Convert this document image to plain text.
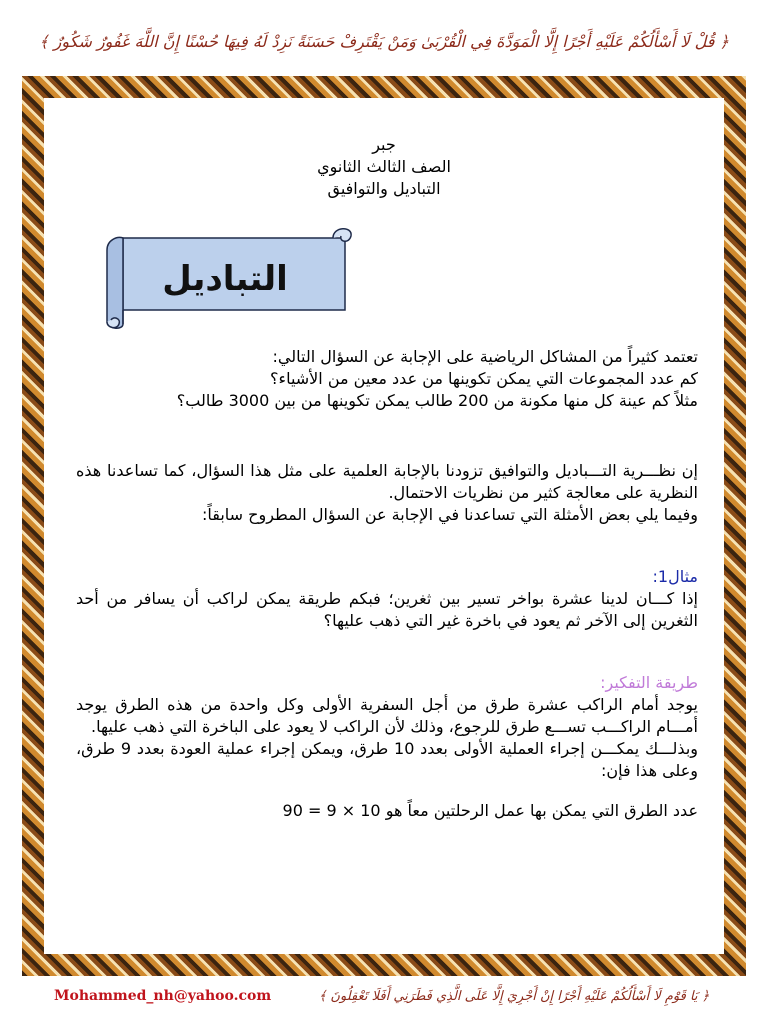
﴿ قُلْ لَا أَسْأَلُكُمْ عَلَيْهِ أَجْرًا إِلَّا الْمَوَدَّةَ فِي الْقُرْبَىٰ وَمَنْ يَقْتَرِفْ حَسَنَةً نَزِدْ لَهُ فِيهَا حُسْنًا إِنَّ اللَّهَ غَفُورٌ شَكُورٌ ﴾
جبر
الصف الثالث الثانوي
التباديل والتوافيق
التباديل

تعتمد كثيراً من المشاكل الرياضية على الإجابة عن السؤال التالي:

كم عدد المجموعات التي يمكن تكوينها من عدد معين من الأشياء؟

مثلاً كم عينة كل منها مكونة من 200 طالب يمكن تكوينها من بين 3000 طالب؟

إن نظـــرية التـــباديل والتوافيق تزودنا بالإجابة العلمية على مثل هذا السؤال، كما تساعدنا هذه النظرية على معالجة كثير من نظريات الاحتمال.

وفيما يلي بعض الأمثلة التي تساعدنا في الإجابة عن السؤال المطروح سابقاً:

مثال1:

إذا كـــان لدينا عشرة بواخر تسير بين ثغرين؛ فبكم طريقة يمكن لراكب أن يسافر من أحد الثغرين إلى الآخر ثم يعود في باخرة غير التي ذهب عليها؟

طريقة التفكير:

يوجد أمام الراكب عشرة طرق من أجل السفرية الأولى وكل واحدة من هذه الطرق يوجد أمـــام الراكـــب تســـع طرق للرجوع، وذلك لأن الراكب لا يعود على الباخرة التي ذهب عليها.

وبذلـــك يمكـــن إجراء العملية الأولى بعدد 10 طرق، ويمكن إجراء عملية العودة بعدد 9 طرق، وعلى هذا فإن:

عدد الطرق التي يمكن بها عمل الرحلتين معاً هو 10 × 9 = 90

Mohammed_nh@yahoo.com	﴿ يَا قَوْمِ لَا أَسْأَلُكُمْ عَلَيْهِ أَجْرًا إِنْ أَجْرِيَ إِلَّا عَلَى الَّذِي فَطَرَنِي أَفَلَا تَعْقِلُونَ ﴾
